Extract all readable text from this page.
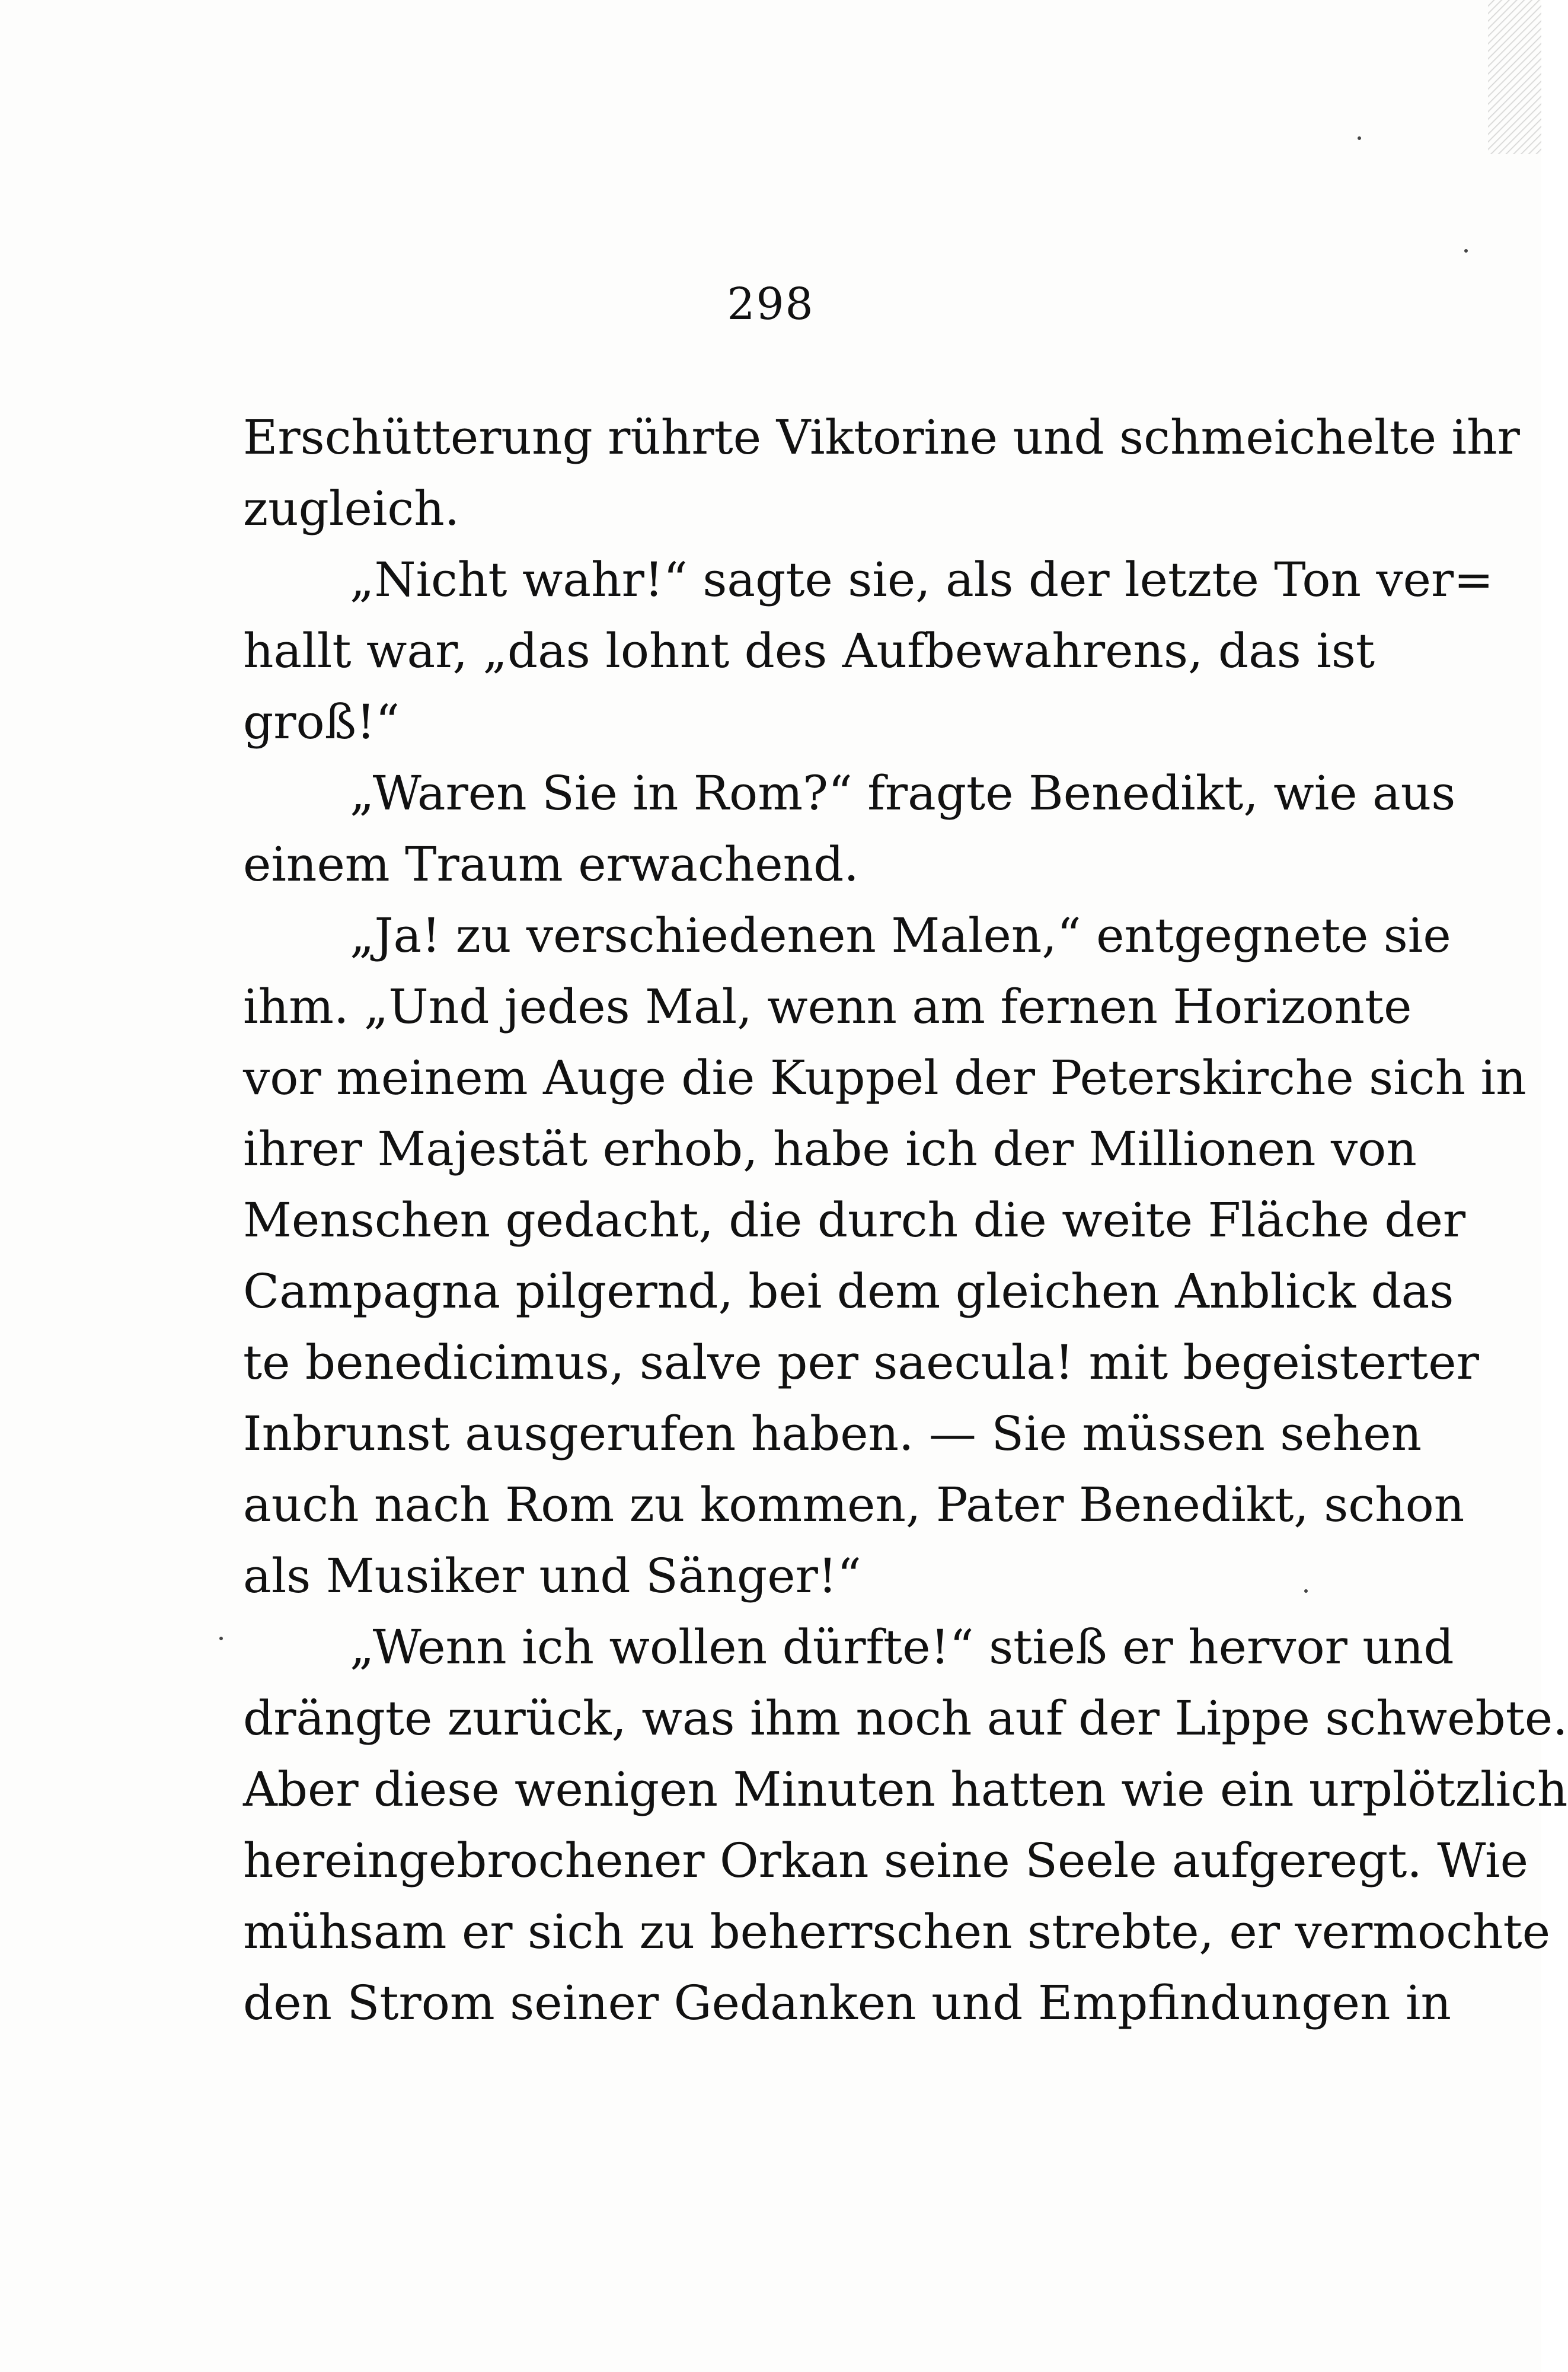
298
Erschütterung rührte Viktorine und schmeichelte ihr
zugleich.
„Nicht wahr!“ sagte sie, als der letzte Ton ver=
hallt war, „das lohnt des Aufbewahrens, das ist
groß!“
„Waren Sie in Rom?“ fragte Benedikt, wie aus
einem Traum erwachend.
„Ja! zu verschiedenen Malen,“ entgegnete sie
ihm. „Und jedes Mal, wenn am fernen Horizonte
vor meinem Auge die Kuppel der Peterskirche sich in
ihrer Majestät erhob, habe ich der Millionen von
Menschen gedacht, die durch die weite Fläche der
Campagna pilgernd, bei dem gleichen Anblick das
te benedicimus, salve per saecula! mit begeisterter
Inbrunst ausgerufen haben. — Sie müssen sehen
auch nach Rom zu kommen, Pater Benedikt, schon
als Musiker und Sänger!“
„Wenn ich wollen dürfte!“ stieß er hervor und
drängte zurück, was ihm noch auf der Lippe schwebte.
Aber diese wenigen Minuten hatten wie ein urplötzlich
hereingebrochener Orkan seine Seele aufgeregt. Wie
mühsam er sich zu beherrschen strebte, er vermochte
den Strom seiner Gedanken und Empfindungen in
